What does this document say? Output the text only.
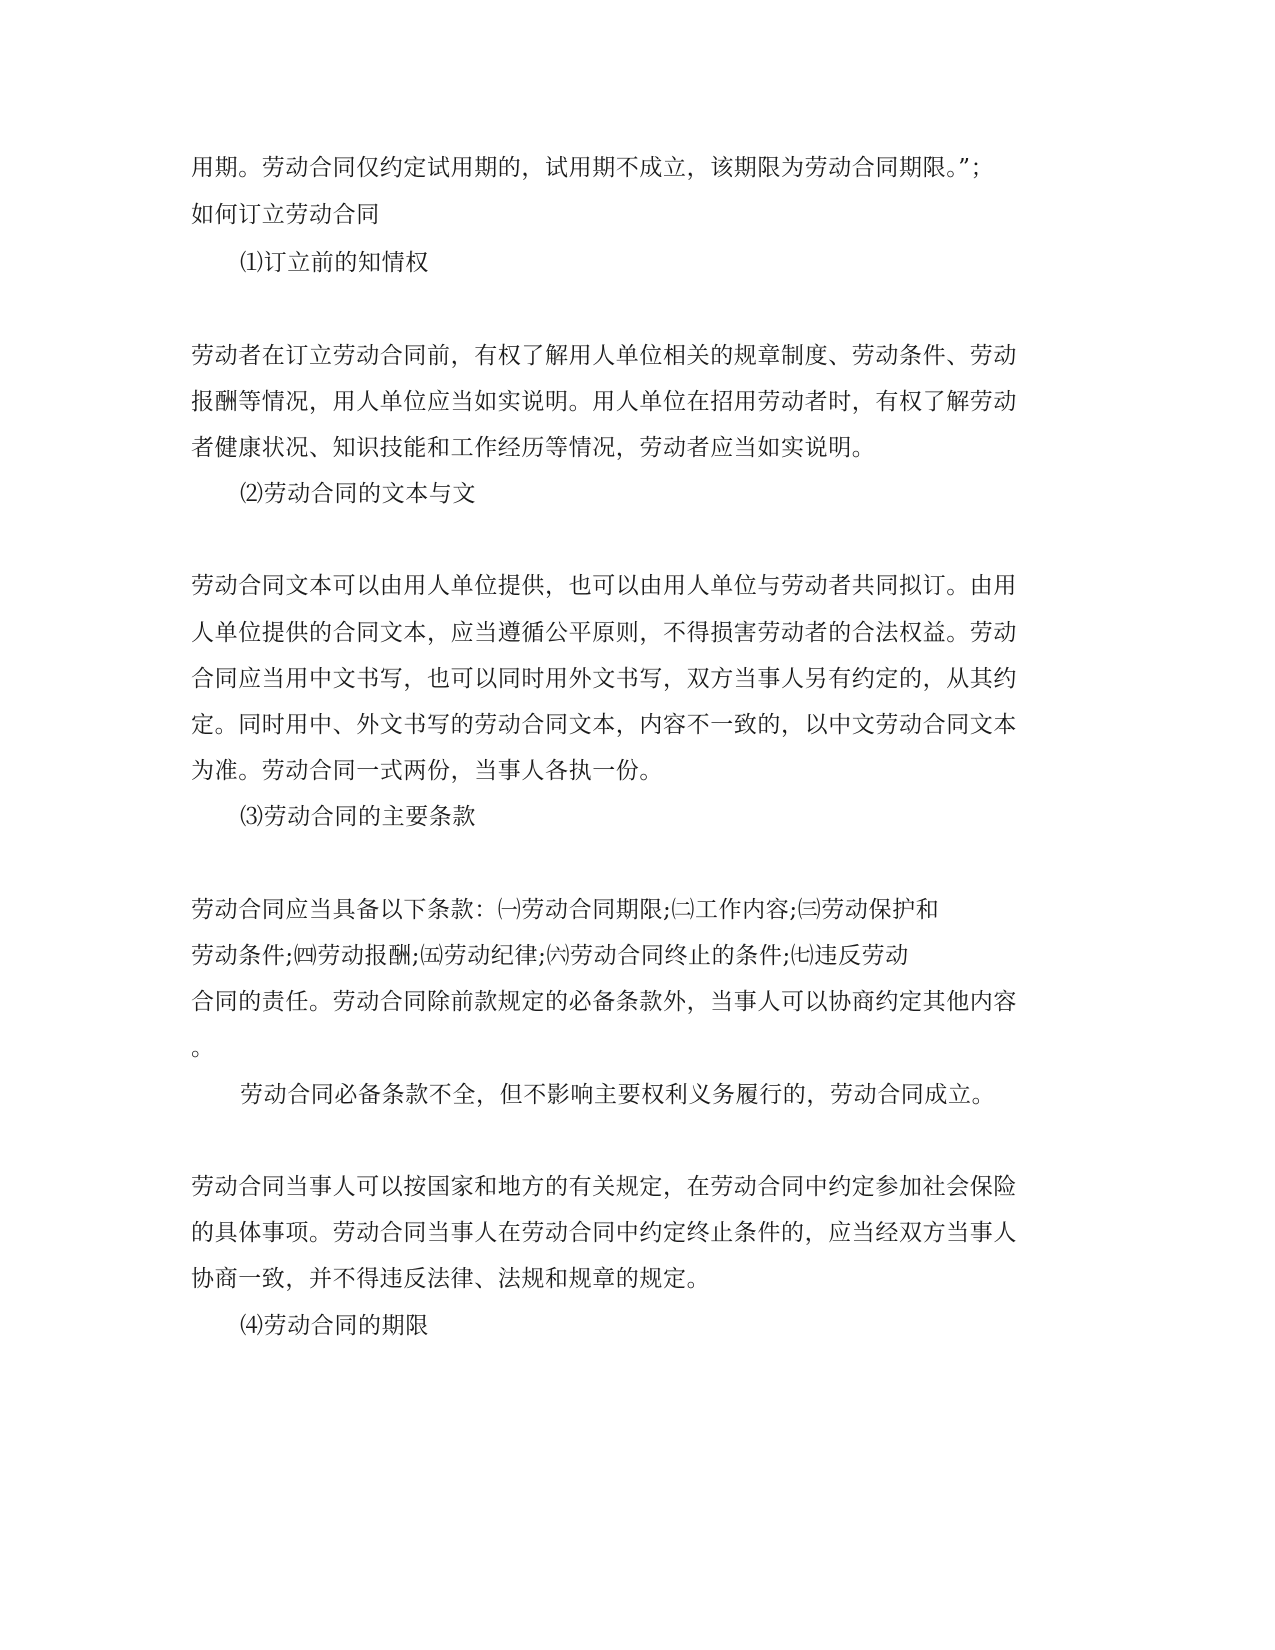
用期。劳动合同仅约定试用期的，试用期不成立，该期限为劳动合同期限。”；
如何订立劳动合同
⑴订立前的知情权
劳动者在订立劳动合同前，有权了解用人单位相关的规章制度、劳动条件、劳动
报酬等情况，用人单位应当如实说明。用人单位在招用劳动者时，有权了解劳动
者健康状况、知识技能和工作经历等情况，劳动者应当如实说明。
⑵劳动合同的文本与文
劳动合同文本可以由用人单位提供，也可以由用人单位与劳动者共同拟订。由用
人单位提供的合同文本，应当遵循公平原则，不得损害劳动者的合法权益。劳动
合同应当用中文书写，也可以同时用外文书写，双方当事人另有约定的，从其约
定。同时用中、外文书写的劳动合同文本，内容不一致的，以中文劳动合同文本
为准。劳动合同一式两份，当事人各执一份。
⑶劳动合同的主要条款
劳动合同应当具备以下条款：㈠劳动合同期限;㈡工作内容;㈢劳动保护和
劳动条件;㈣劳动报酬;㈤劳动纪律;㈥劳动合同终止的条件;㈦违反劳动
合同的责任。劳动合同除前款规定的必备条款外，当事人可以协商约定其他内容
。
劳动合同必备条款不全，但不影响主要权利义务履行的，劳动合同成立。
劳动合同当事人可以按国家和地方的有关规定，在劳动合同中约定参加社会保险
的具体事项。劳动合同当事人在劳动合同中约定终止条件的，应当经双方当事人
协商一致，并不得违反法律、法规和规章的规定。
⑷劳动合同的期限
